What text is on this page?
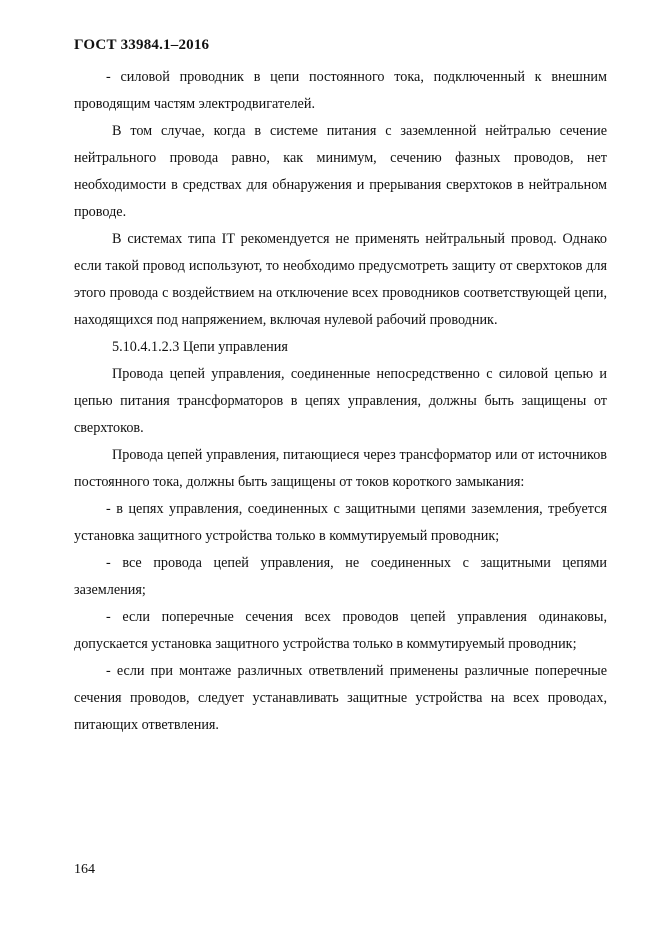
ГОСТ 33984.1–2016

- силовой проводник в цепи постоянного тока, подключенный к внешним проводящим частям электродвигателей.

В том случае, когда в системе питания с заземленной нейтралью сечение нейтрального провода равно, как минимум, сечению фазных проводов, нет необходимости в средствах для обнаружения и прерывания сверхтоков в нейтральном проводе.

В системах типа IT рекомендуется не применять нейтральный провод. Однако если такой провод используют, то необходимо предусмотреть защиту от сверхтоков для этого провода с воздействием на отключение всех проводников соответствующей цепи, находящихся под напряжением, включая нулевой рабочий проводник.

5.10.4.1.2.3 Цепи управления

Провода цепей управления, соединенные непосредственно с силовой цепью и цепью питания трансформаторов в цепях управления, должны быть защищены от сверхтоков.

Провода цепей управления, питающиеся через трансформатор или от источников постоянного тока, должны быть защищены от токов короткого замыкания:

- в цепях управления, соединенных с защитными цепями заземления, требуется установка защитного устройства только в коммутируемый проводник;

- все провода цепей управления, не соединенных с защитными цепями заземления;

- если поперечные сечения всех проводов цепей управления одинаковы, допускается установка защитного устройства только в коммутируемый проводник;

- если при монтаже различных ответвлений применены различные поперечные сечения проводов, следует устанавливать защитные устройства на всех проводах, питающих ответвления.

164
